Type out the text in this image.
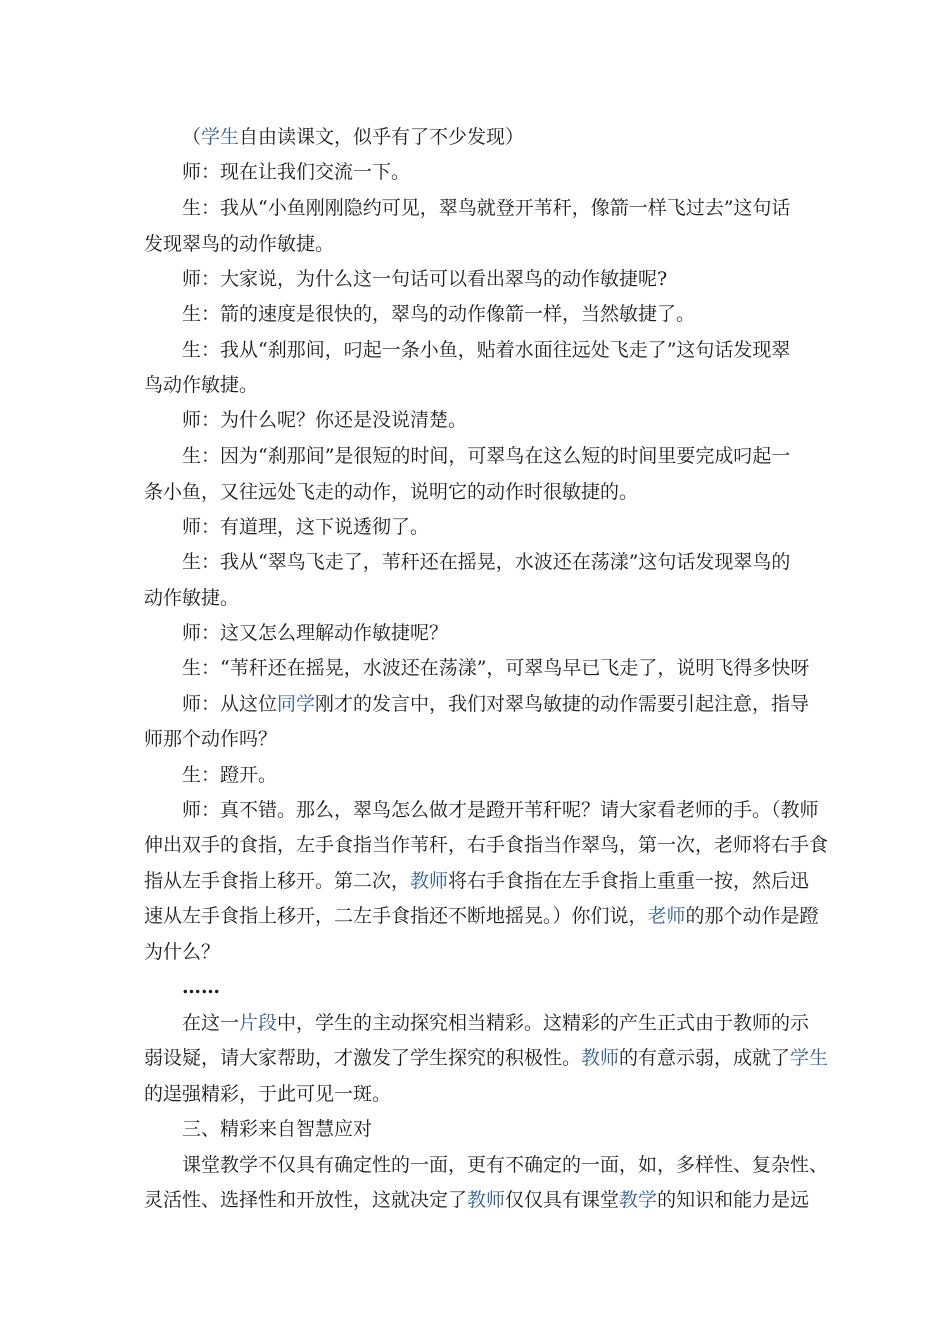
（学生自由读课文，似乎有了不少发现）

师：现在让我们交流一下。

生：我从“小鱼刚刚隐约可见，翠鸟就登开苇秆，像箭一样飞过去”这句话

发现翠鸟的动作敏捷。

师：大家说，为什么这一句话可以看出翠鸟的动作敏捷呢?

生：箭的速度是很快的，翠鸟的动作像箭一样，当然敏捷了。

生：我从“刹那间，叼起一条小鱼，贴着水面往远处飞走了”这句话发现翠

鸟动作敏捷。

师：为什么呢？你还是没说清楚。

生：因为“刹那间”是很短的时间，可翠鸟在这么短的时间里要完成叼起一

条小鱼，又往远处飞走的动作，说明它的动作时很敏捷的。

师：有道理，这下说透彻了。

生：我从“翠鸟飞走了，苇秆还在摇晃，水波还在荡漾”这句话发现翠鸟的

动作敏捷。

师：这又怎么理解动作敏捷呢？

生：“苇秆还在摇晃，水波还在荡漾”，可翠鸟早已飞走了，说明飞得多快呀

师：从这位同学刚才的发言中，我们对翠鸟敏捷的动作需要引起注意，指导

师那个动作吗？

生：蹬开。

师：真不错。那么，翠鸟怎么做才是蹬开苇秆呢？请大家看老师的手。（教师

伸出双手的食指，左手食指当作苇秆，右手食指当作翠鸟，第一次，老师将右手食

指从左手食指上移开。第二次，教师将右手食指在左手食指上重重一按，然后迅

速从左手食指上移开，二左手食指还不断地摇晃。）你们说，老师的那个动作是蹬

为什么？

……

在这一片段中，学生的主动探究相当精彩。这精彩的产生正式由于教师的示

弱设疑，请大家帮助，才激发了学生探究的积极性。教师的有意示弱，成就了学生

的逞强精彩，于此可见一斑。

三、精彩来自智慧应对

课堂教学不仅具有确定性的一面，更有不确定的一面，如，多样性、复杂性、

灵活性、选择性和开放性，这就决定了教师仅仅具有课堂教学的知识和能力是远
